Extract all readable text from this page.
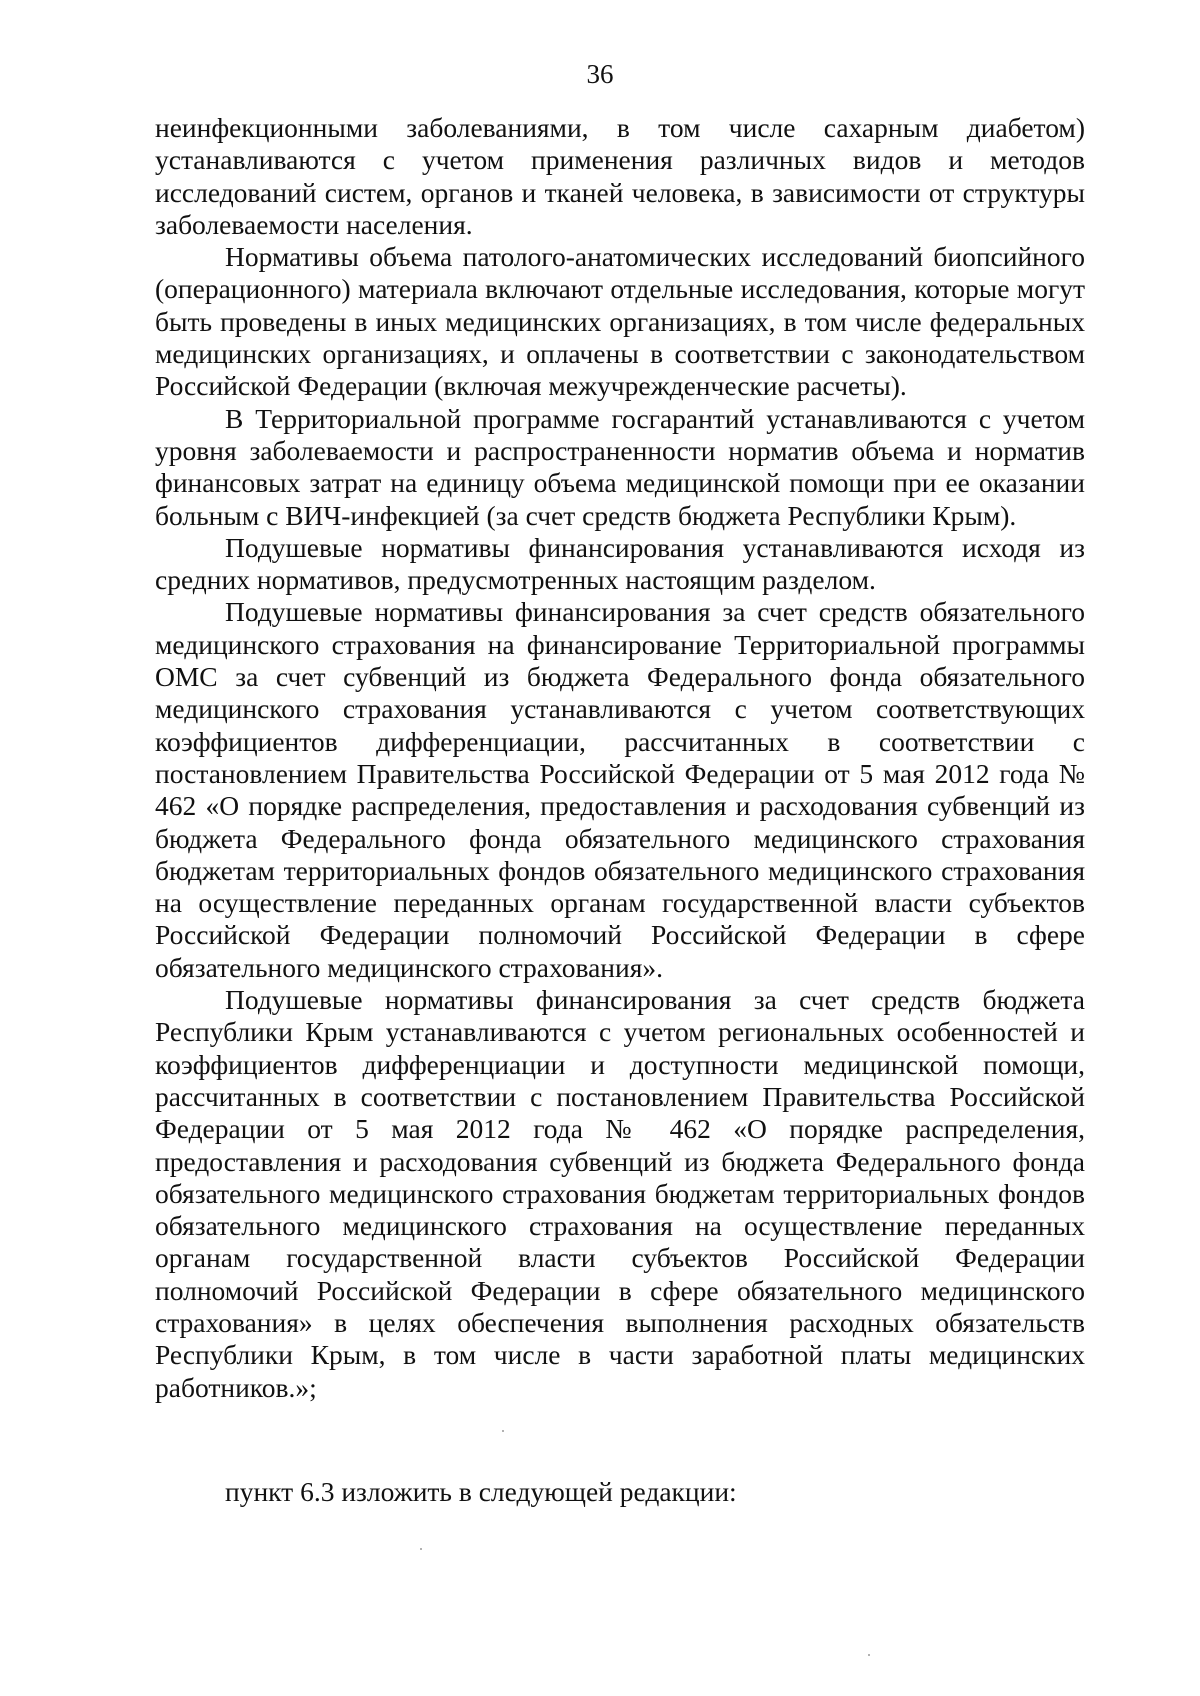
36

неинфекционными заболеваниями, в том числе сахарным диабетом) устанавливаются с учетом применения различных видов и методов исследований систем, органов и тканей человека, в зависимости от структуры заболеваемости населения.

Нормативы объема патолого-анатомических исследований биопсийного (операционного) материала включают отдельные исследования, которые могут быть проведены в иных медицинских организациях, в том числе федеральных медицинских организациях, и оплачены в соответствии с законодательством Российской Федерации (включая межучрежденческие расчеты).

В Территориальной программе госгарантий устанавливаются с учетом уровня заболеваемости и распространенности норматив объема и норматив финансовых затрат на единицу объема медицинской помощи при ее оказании больным с ВИЧ-инфекцией (за счет средств бюджета Республики Крым).

Подушевые нормативы финансирования устанавливаются исходя из средних нормативов, предусмотренных настоящим разделом.

Подушевые нормативы финансирования за счет средств обязательного медицинского страхования на финансирование Территориальной программы ОМС за счет субвенций из бюджета Федерального фонда обязательного медицинского страхования устанавливаются с учетом соответствующих коэффициентов дифференциации, рассчитанных в соответствии с постановлением Правительства Российской Федерации от 5 мая 2012 года № 462 «О порядке распределения, предоставления и расходования субвенций из бюджета Федерального фонда обязательного медицинского страхования бюджетам территориальных фондов обязательного медицинского страхования на осуществление переданных органам государственной власти субъектов Российской Федерации полномочий Российской Федерации в сфере обязательного медицинского страхования».

Подушевые нормативы финансирования за счет средств бюджета Республики Крым устанавливаются с учетом региональных особенностей и коэффициентов дифференциации и доступности медицинской помощи, рассчитанных в соответствии с постановлением Правительства Российской Федерации от 5 мая 2012 года № 462 «О порядке распределения, предоставления и расходования субвенций из бюджета Федерального фонда обязательного медицинского страхования бюджетам территориальных фондов обязательного медицинского страхования на осуществление переданных органам государственной власти субъектов Российской Федерации полномочий Российской Федерации в сфере обязательного медицинского страхования» в целях обеспечения выполнения расходных обязательств Республики Крым, в том числе в части заработной платы медицинских работников.»;

пункт 6.3 изложить в следующей редакции:
